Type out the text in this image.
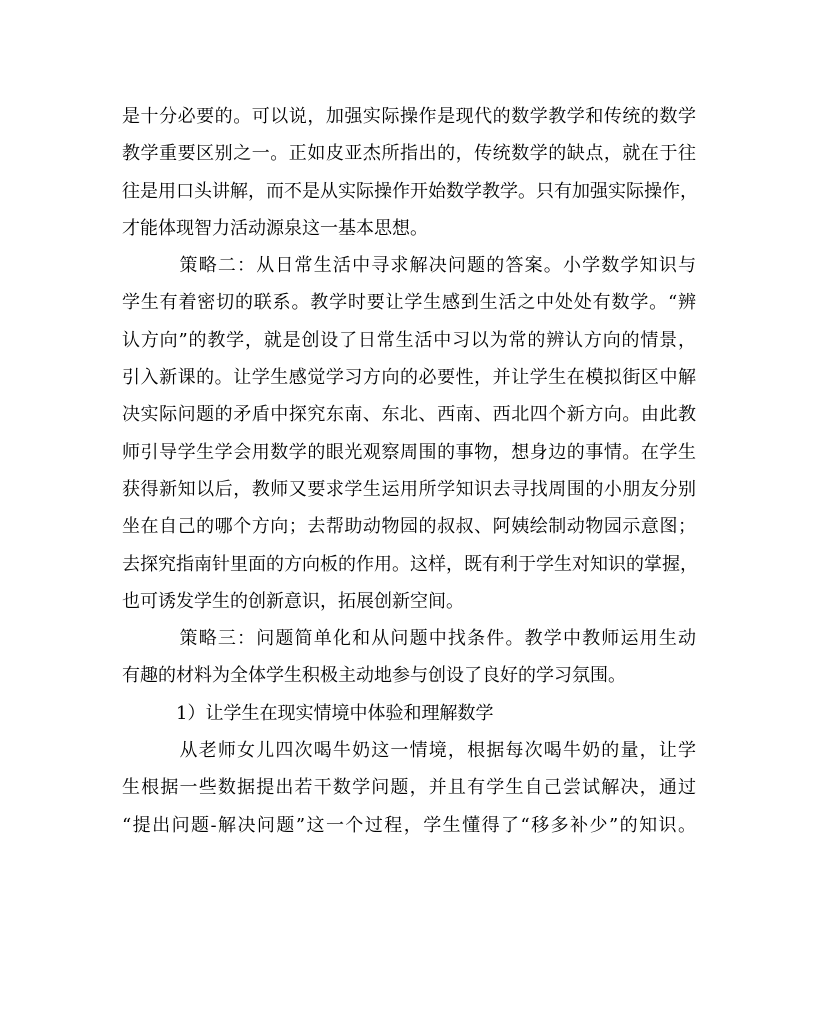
是十分必要的。可以说，加强实际操作是现代的数学教学和传统的数学
教学重要区别之一。正如皮亚杰所指出的，传统数学的缺点，就在于往
往是用口头讲解，而不是从实际操作开始数学教学。只有加强实际操作，
才能体现智力活动源泉这一基本思想。
　　　策略二：从日常生活中寻求解决问题的答案。小学数学知识与
学生有着密切的联系。教学时要让学生感到生活之中处处有数学。“辨
认方向”的教学，就是创设了日常生活中习以为常的辨认方向的情景，
引入新课的。让学生感觉学习方向的必要性，并让学生在模拟街区中解
决实际问题的矛盾中探究东南、东北、西南、西北四个新方向。由此教
师引导学生学会用数学的眼光观察周围的事物，想身边的事情。在学生
获得新知以后，教师又要求学生运用所学知识去寻找周围的小朋友分别
坐在自己的哪个方向；去帮助动物园的叔叔、阿姨绘制动物园示意图；
去探究指南针里面的方向板的作用。这样，既有利于学生对知识的掌握，
也可诱发学生的创新意识，拓展创新空间。
　　　策略三：问题简单化和从问题中找条件。教学中教师运用生动
有趣的材料为全体学生积极主动地参与创设了良好的学习氛围。
　　　1）让学生在现实情境中体验和理解数学
　　　从老师女儿四次喝牛奶这一情境，根据每次喝牛奶的量，让学
生根据一些数据提出若干数学问题，并且有学生自己尝试解决，通过
“提出问题-解决问题”这一个过程，学生懂得了“移多补少”的知识。
